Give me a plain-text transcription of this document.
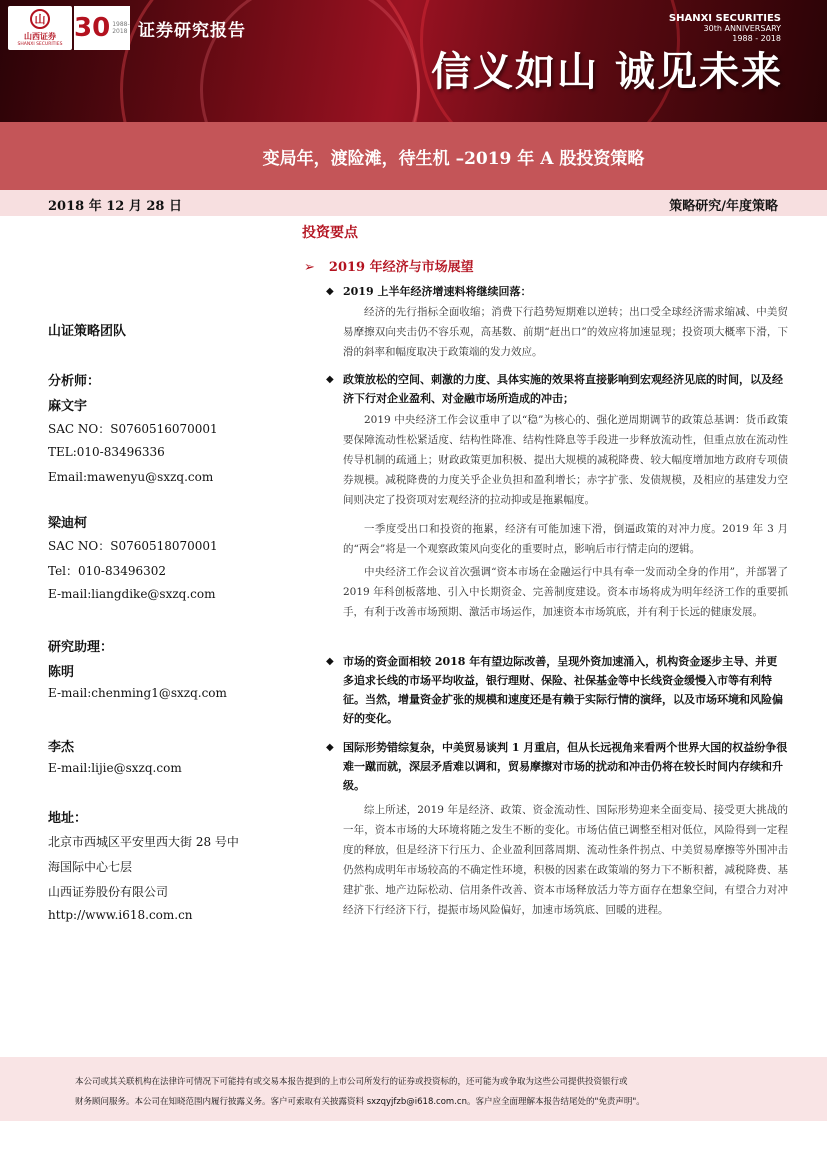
山
山西证券
SHANXI SECURITIES
30 1988-2018 证券研究报告
SHANXI SECURITIES
30th ANNIVERSARY
1988 - 2018
信义如山 诚见未来
变局年，渡险滩，待生机 –2019 年 A 股投资策略
2018 年 12 月 28 日	策略研究/年度策略
山证策略团队
分析师：
麻文宇
SAC NO：S0760516070001
TEL:010-83496336
Email:mawenyu@sxzq.com
梁迪柯
SAC NO：S0760518070001
Tel：010-83496302
E-mail:liangdike@sxzq.com
研究助理：
陈明
E-mail:chenming1@sxzq.com
李杰
E-mail:lijie@sxzq.com
地址：
北京市西城区平安里西大街 28 号中
海国际中心七层
山西证券股份有限公司
http://www.i618.com.cn
投资要点
➢ 2019 年经济与市场展望
◆ 2019 上半年经济增速料将继续回落：
经济的先行指标全面收缩；消费下行趋势短期难以逆转；出口受全球经济需求缩减、中美贸易摩擦双向夹击仍不容乐观，高基数、前期“赶出口”的效应将加速显现；投资项大概率下滑，下滑的斜率和幅度取决于政策端的发力效应。
◆ 政策放松的空间、刺激的力度、具体实施的效果将直接影响到宏观经济见底的时间，以及经济下行对企业盈利、对金融市场所造成的冲击；
2019 中央经济工作会议重申了以“稳”为核心的、强化逆周期调节的政策总基调：货币政策要保障流动性松紧适度、结构性降准、结构性降息等手段进一步释放流动性，但重点放在流动性传导机制的疏通上；财政政策更加积极、提出大规模的减税降费、较大幅度增加地方政府专项债券规模。减税降费的力度关乎企业负担和盈利增长；赤字扩张、发债规模，及相应的基建发力空间则决定了投资项对宏观经济的拉动抑或是拖累幅度。
一季度受出口和投资的拖累，经济有可能加速下滑，倒逼政策的对冲力度。2019 年 3 月的“两会”将是一个观察政策风向变化的重要时点，影响后市行情走向的逻辑。
中央经济工作会议首次强调“资本市场在金融运行中具有牵一发而动全身的作用”，并部署了 2019 年科创板落地、引入中长期资金、完善制度建设。资本市场将成为明年经济工作的重要抓手，有利于改善市场预期、激活市场运作，加速资本市场筑底，并有利于长远的健康发展。
◆ 市场的资金面相较 2018 年有望边际改善，呈现外资加速涌入，机构资金逐步主导、并更多追求长线的市场平均收益，银行理财、保险、社保基金等中长线资金缓慢入市等有利特征。当然，增量资金扩张的规模和速度还是有赖于实际行情的演绎，以及市场环境和风险偏好的变化。
◆ 国际形势错综复杂，中美贸易谈判 1 月重启，但从长远视角来看两个世界大国的权益纷争很难一蹴而就，深层矛盾难以调和，贸易摩擦对市场的扰动和冲击仍将在较长时间内存续和升级。
综上所述，2019 年是经济、政策、资金流动性、国际形势迎来全面变局、接受更大挑战的一年，资本市场的大环境将随之发生不断的变化。市场估值已调整至相对低位，风险得到一定程度的释放，但是经济下行压力、企业盈利回落周期、流动性条件拐点、中美贸易摩擦等外围冲击仍然构成明年市场较高的不确定性环境，积极的因素在政策端的努力下不断积蓄，减税降费、基建扩张、地产边际松动、信用条件改善、资本市场释放活力等方面存在想象空间，有望合力对冲经济下行经济下行，提振市场风险偏好，加速市场筑底、回暖的进程。

本公司或其关联机构在法律许可情况下可能持有或交易本报告提到的上市公司所发行的证券或投资标的，还可能为或争取为这些公司提供投资银行或

财务顾问服务。本公司在知晓范围内履行披露义务。客户可索取有关披露资料 sxzqyjfzb@i618.com.cn。客户应全面理解本报告结尾处的"免责声明"。
